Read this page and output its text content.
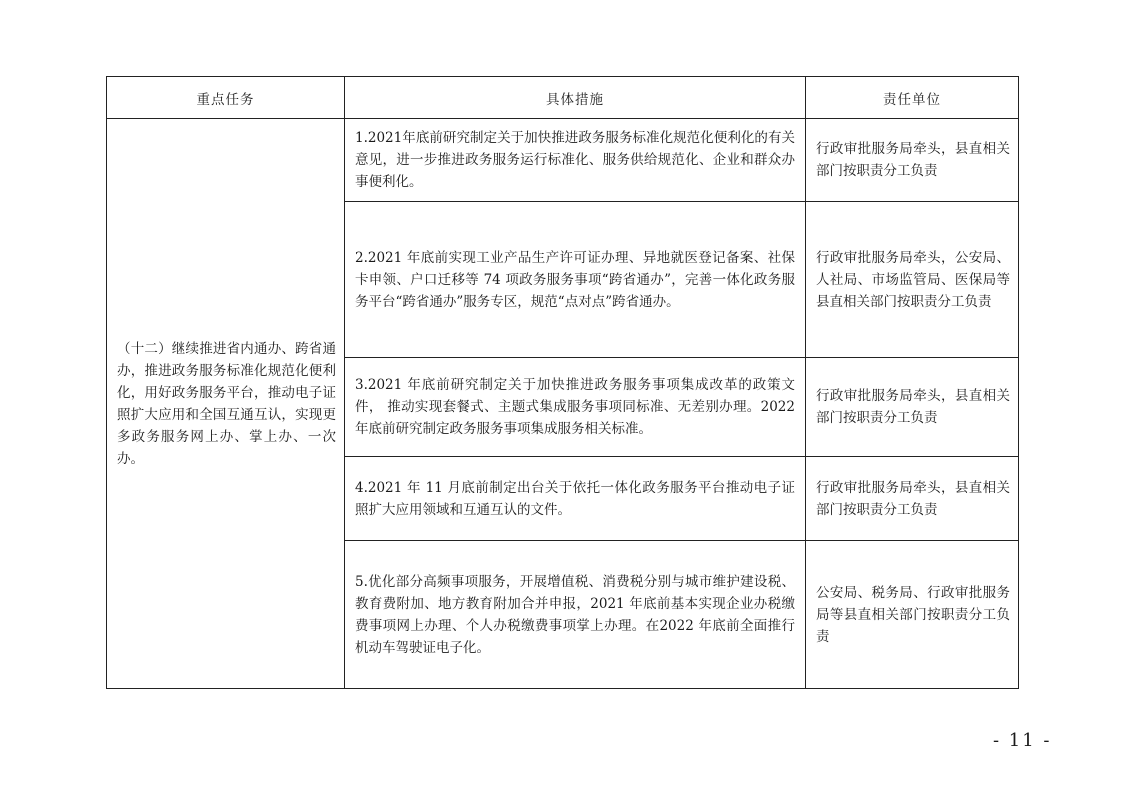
重点任务	具体措施	责任单位
（十二）继续推进省内通办、跨省通办，推进政务服务标准化规范化便利化，用好政务服务平台，推动电子证照扩大应用和全国互通互认，实现更多政务服务网上办、掌上办、一次办。	1.2021年底前研究制定关于加快推进政务服务标准化规范化便利化的有关意见，进一步推进政务服务运行标准化、服务供给规范化、企业和群众办事便利化。	行政审批服务局牵头，县直相关部门按职责分工负责
	2.2021 年底前实现工业产品生产许可证办理、异地就医登记备案、社保卡申领、户口迁移等 74 项政务服务事项“跨省通办”，完善一体化政务服务平台“跨省通办”服务专区，规范“点对点”跨省通办。	行政审批服务局牵头，公安局、人社局、市场监管局、医保局等县直相关部门按职责分工负责
	3.2021 年底前研究制定关于加快推进政务服务事项集成改革的政策文件， 推动实现套餐式、主题式集成服务事项同标准、无差别办理。2022年底前研究制定政务服务事项集成服务相关标准。	行政审批服务局牵头，县直相关部门按职责分工负责
	4.2021 年 11 月底前制定出台关于依托一体化政务服务平台推动电子证照扩大应用领域和互通互认的文件。	行政审批服务局牵头，县直相关部门按职责分工负责
	5.优化部分高频事项服务，开展增值税、消费税分别与城市维护建设税、教育费附加、地方教育附加合并申报，2021 年底前基本实现企业办税缴费事项网上办理、个人办税缴费事项掌上办理。在2022 年底前全面推行机动车驾驶证电子化。	公安局、税务局、行政审批服务局等县直相关部门按职责分工负责
- 11 -
